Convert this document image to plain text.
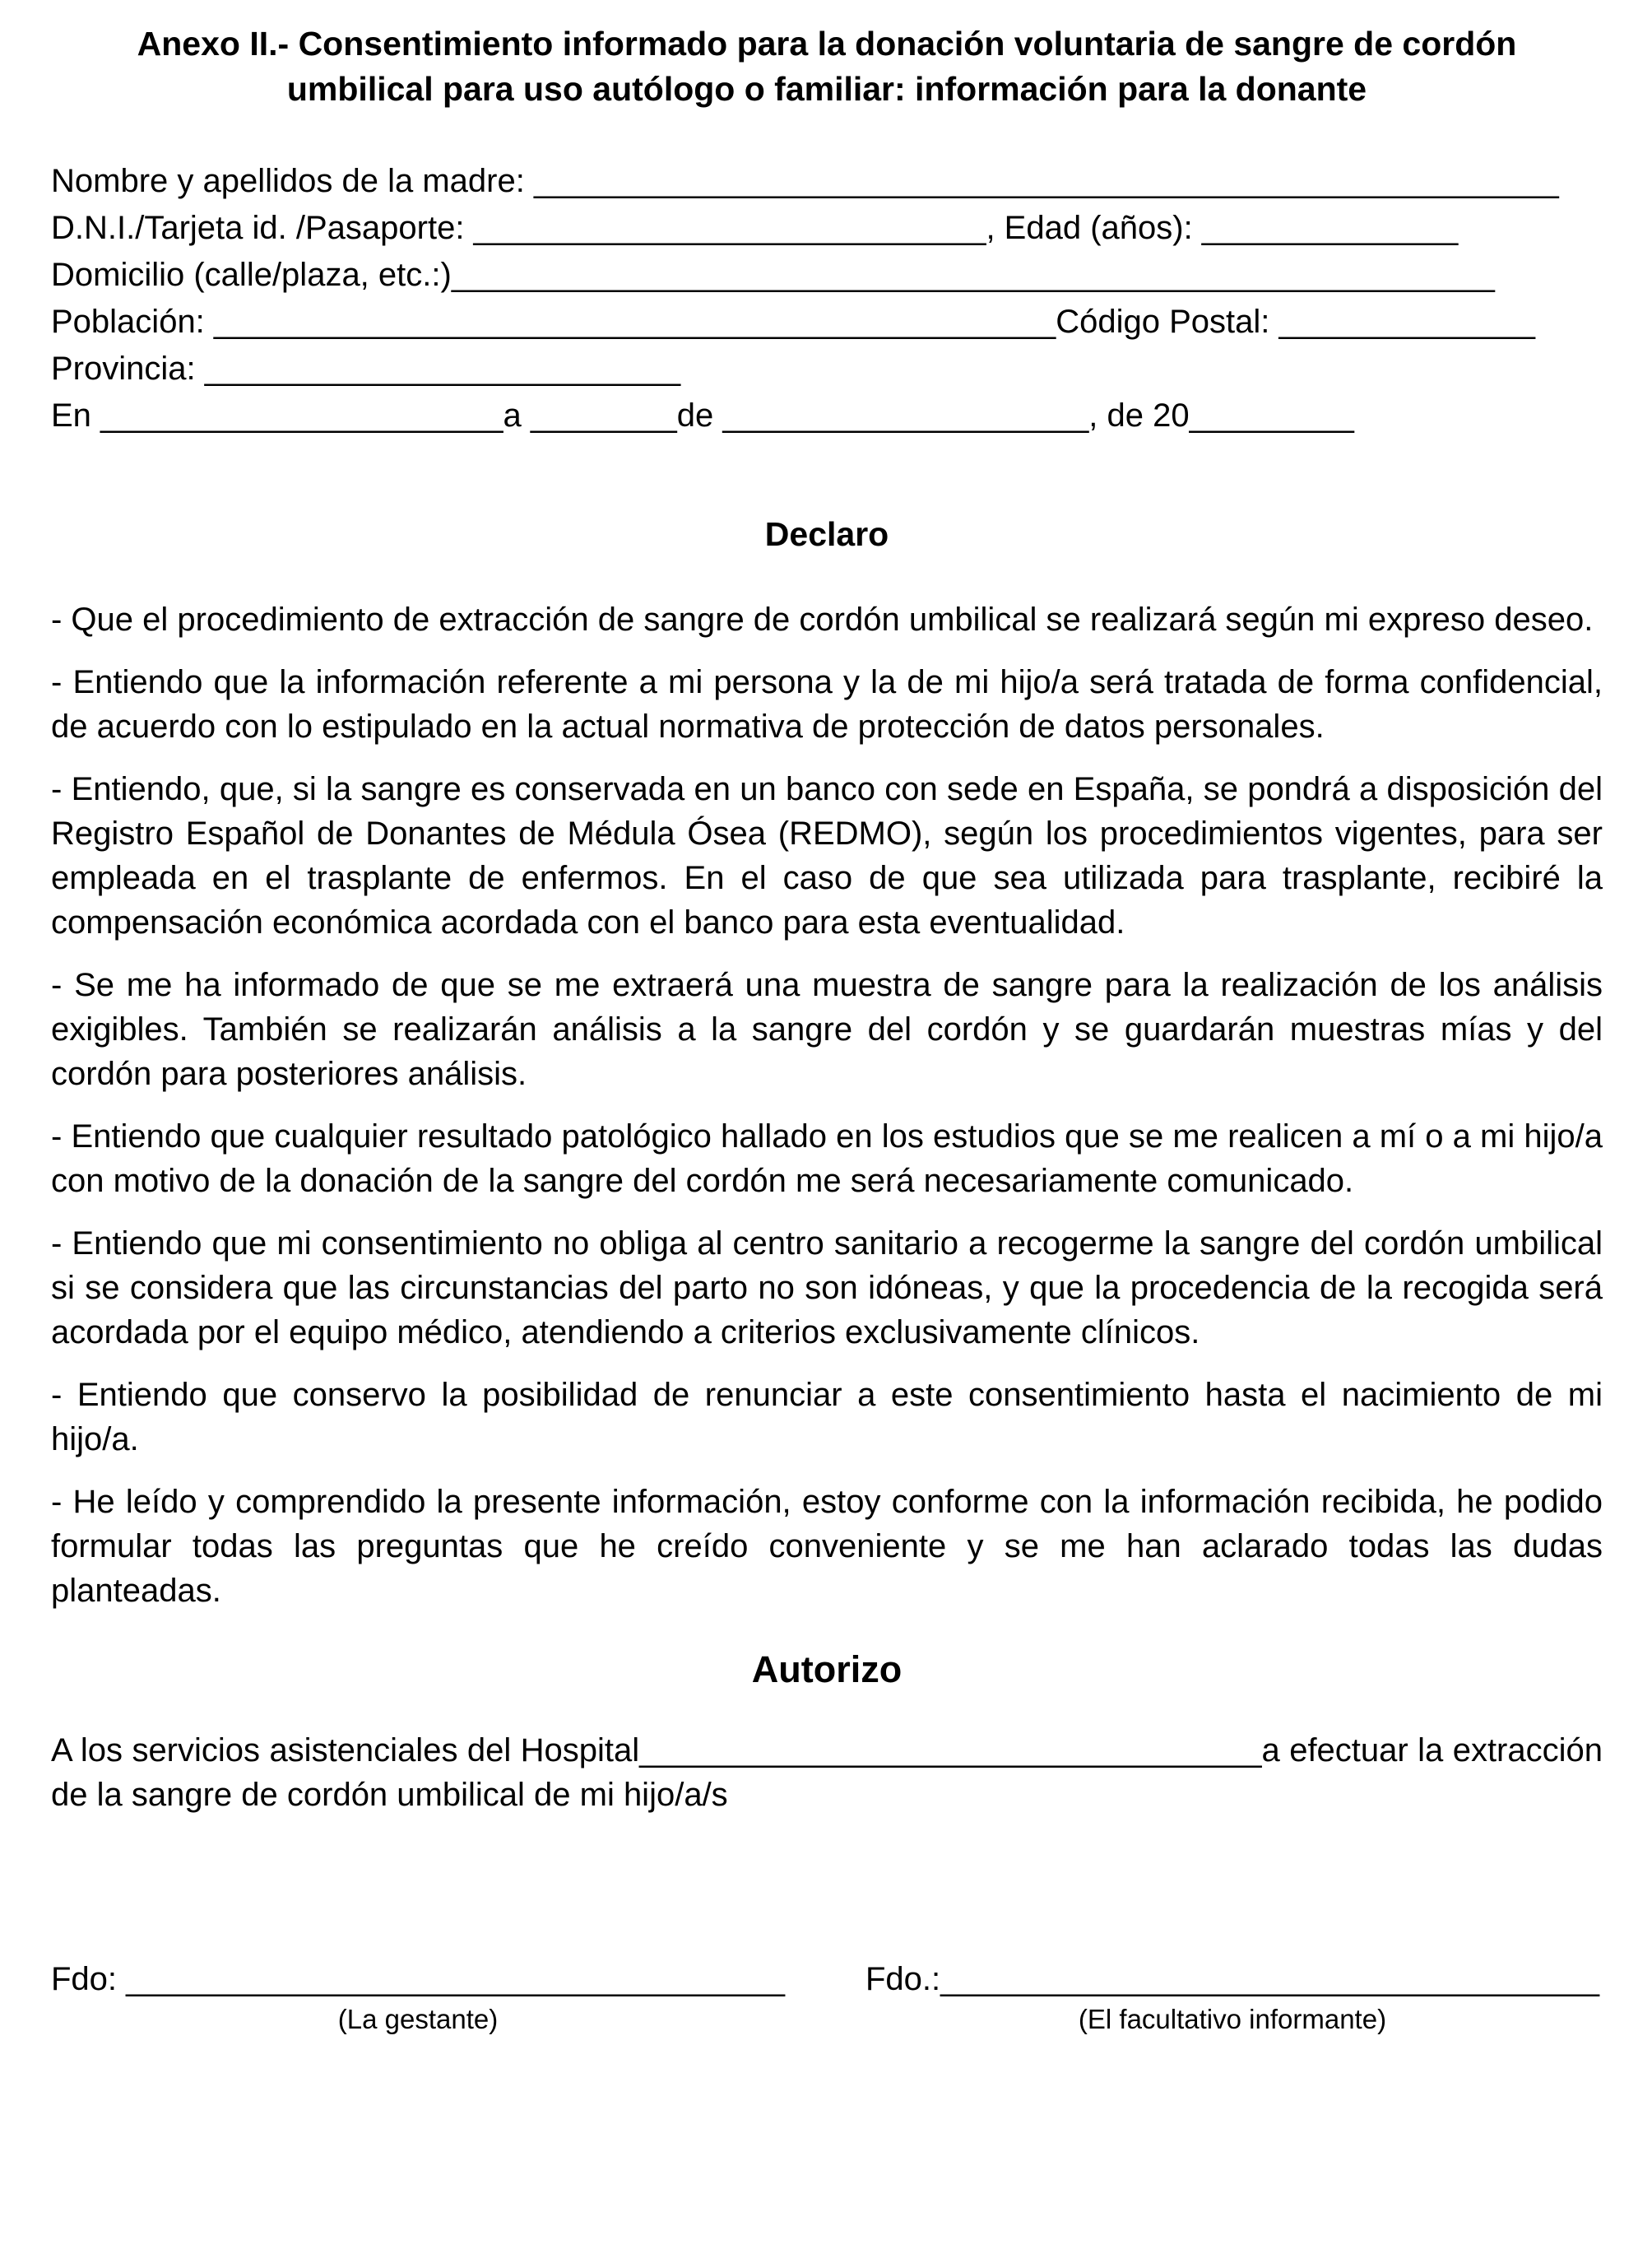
Anexo II.- Consentimiento informado para la donación voluntaria de sangre de cordón
umbilical para uso autólogo o familiar: información para la donante
Nombre y apellidos de la madre: ________________________________________________________
D.N.I./Tarjeta id. /Pasaporte: ____________________________, Edad (años): ______________
Domicilio (calle/plaza, etc.:)_________________________________________________________
Población: ______________________________________________Código Postal: ______________
Provincia: __________________________
En ______________________a ________de ____________________, de 20_________
Declaro

- Que el procedimiento de extracción de sangre de cordón umbilical se realizará según mi expreso deseo.

- Entiendo que la información referente a mi persona y la de mi hijo/a será tratada de forma confidencial, de acuerdo con lo estipulado en la actual normativa de protección de datos personales.

- Entiendo, que, si la sangre es conservada en un banco con sede en España, se pondrá a disposición del Registro Español de Donantes de Médula Ósea (REDMO), según los procedimientos vigentes, para ser empleada en el trasplante de enfermos. En el caso de que sea utilizada para trasplante, recibiré la compensación económica acordada con el banco para esta eventualidad.

- Se me ha informado de que se me extraerá una muestra de sangre para la realización de los análisis exigibles. También se realizarán análisis a la sangre del cordón y se guardarán muestras mías y del cordón para posteriores análisis.

- Entiendo que cualquier resultado patológico hallado en los estudios que se me realicen a mí o a mi hijo/a con motivo de la donación de la sangre del cordón me será necesariamente comunicado.

- Entiendo que mi consentimiento no obliga al centro sanitario a recogerme la sangre del cordón umbilical si se considera que las circunstancias del parto no son idóneas, y que la procedencia de la recogida será acordada por el equipo médico, atendiendo a criterios exclusivamente clínicos.

- Entiendo que conservo la posibilidad de renunciar a este consentimiento hasta el nacimiento de mi hijo/a.

- He leído y comprendido la presente información, estoy conforme con la información recibida, he podido formular todas las preguntas que he creído conveniente y se me han aclarado todas las dudas planteadas.

Autorizo

A los servicios asistenciales del Hospital__________________________________a efectuar la extracción de la sangre de cordón umbilical de mi hijo/a/s

Fdo: ____________________________________
(La gestante)
Fdo.:____________________________________
(El facultativo informante)
